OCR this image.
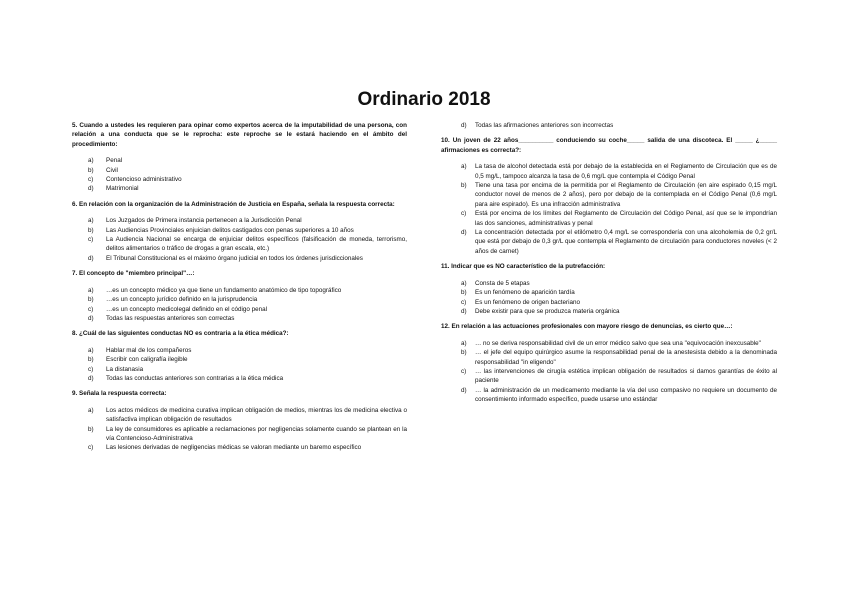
Ordinario 2018
5. Cuando a ustedes les requieren para opinar como expertos acerca de la imputabilidad de una persona, con relación a una conducta que se le reprocha: este reproche se le estará haciendo en el ámbito del procedimiento:
a)	Penal
b)	Civil
c)	Contencioso administrativo
d)	Matrimonial
6. En relación con la organización de la Administración de Justicia en España, señala la respuesta correcta:
a)	Los Juzgados de Primera instancia pertenecen a la Jurisdicción Penal
b)	Las Audiencias Provinciales enjuician delitos castigados con penas superiores a 10 años
c)	La Audiencia Nacional se encarga de enjuiciar delitos específicos (falsificación de moneda, terrorismo, delitos alimentarios o tráfico de drogas a gran escala, etc.)
d)	El Tribunal Constitucional es el máximo órgano judicial en todos los órdenes jurisdiccionales
7. El concepto de "miembro principal"…:
a)	…es un concepto médico ya que tiene un fundamento anatómico de tipo topográfico
b)	…es un concepto jurídico definido en la jurisprudencia
c)	…es un concepto medicolegal definido en el código penal
d)	Todas las respuestas anteriores son correctas
8. ¿Cuál de las siguientes conductas NO es contraria a la ética médica?:
a)	Hablar mal de los compañeros
b)	Escribir con caligrafía ilegible
c)	La distanasia
d)	Todas las conductas anteriores son contrarias a la ética médica
9. Señala la respuesta correcta:
a)	Los actos médicos de medicina curativa implican obligación de medios, mientras los de medicina electiva o satisfactiva implican obligación de resultados
b)	La ley de consumidores es aplicable a reclamaciones por negligencias solamente cuando se plantean en la vía Contencioso-Administrativa
c)	Las lesiones derivadas de negligencias médicas se valoran mediante un baremo específico
d)	Todas las afirmaciones anteriores son incorrectas
10. Un joven de 22 años__________ conduciendo su coche_____ salida de una discoteca. El _____ ¿_____ afirmaciones es correcta?:
a)	La tasa de alcohol detectada está por debajo de la establecida en el Reglamento de Circulación que es de 0,5 mg/L, tampoco alcanza la tasa de 0,6 mg/L que contempla el Código Penal
b)	Tiene una tasa por encima de la permitida por el Reglamento de Circulación (en aire espirado 0,15 mg/L conductor novel de menos de 2 años), pero por debajo de la contemplada en el Código Penal (0,6 mg/L para aire espirado). Es una infracción administrativa
c)	Está por encima de los límites del Reglamento de Circulación del Código Penal, así que se le impondrían las dos sanciones, administrativas y penal
d)	La concentración detectada por el etilómetro 0,4 mg/L se correspondería con una alcoholemia de 0,2 gr/L que está por debajo de 0,3 gr/L que contempla el Reglamento de circulación para conductores noveles (< 2 años de carnet)
11. Indicar que es NO característico de la putrefacción:
a)	Consta de 5 etapas
b)	Es un fenómeno de aparición tardía
c)	Es un fenómeno de origen bacteriano
d)	Debe existir para que se produzca materia orgánica
12. En relación a las actuaciones profesionales con mayore riesgo de denuncias, es cierto que…:
a)	… no se deriva responsabilidad civil de un error médico salvo que sea una "equivocación inexcusable"
b)	… el jefe del equipo quirúrgico asume la responsabilidad penal de la anestesista debido a la denominada responsabilidad "in eligendo"
c)	… las intervenciones de cirugía estética implican obligación de resultados si damos garantías de éxito al paciente
d)	… la administración de un medicamento mediante la vía del uso compasivo no requiere un documento de consentimiento informado específico, puede usarse uno estándar
